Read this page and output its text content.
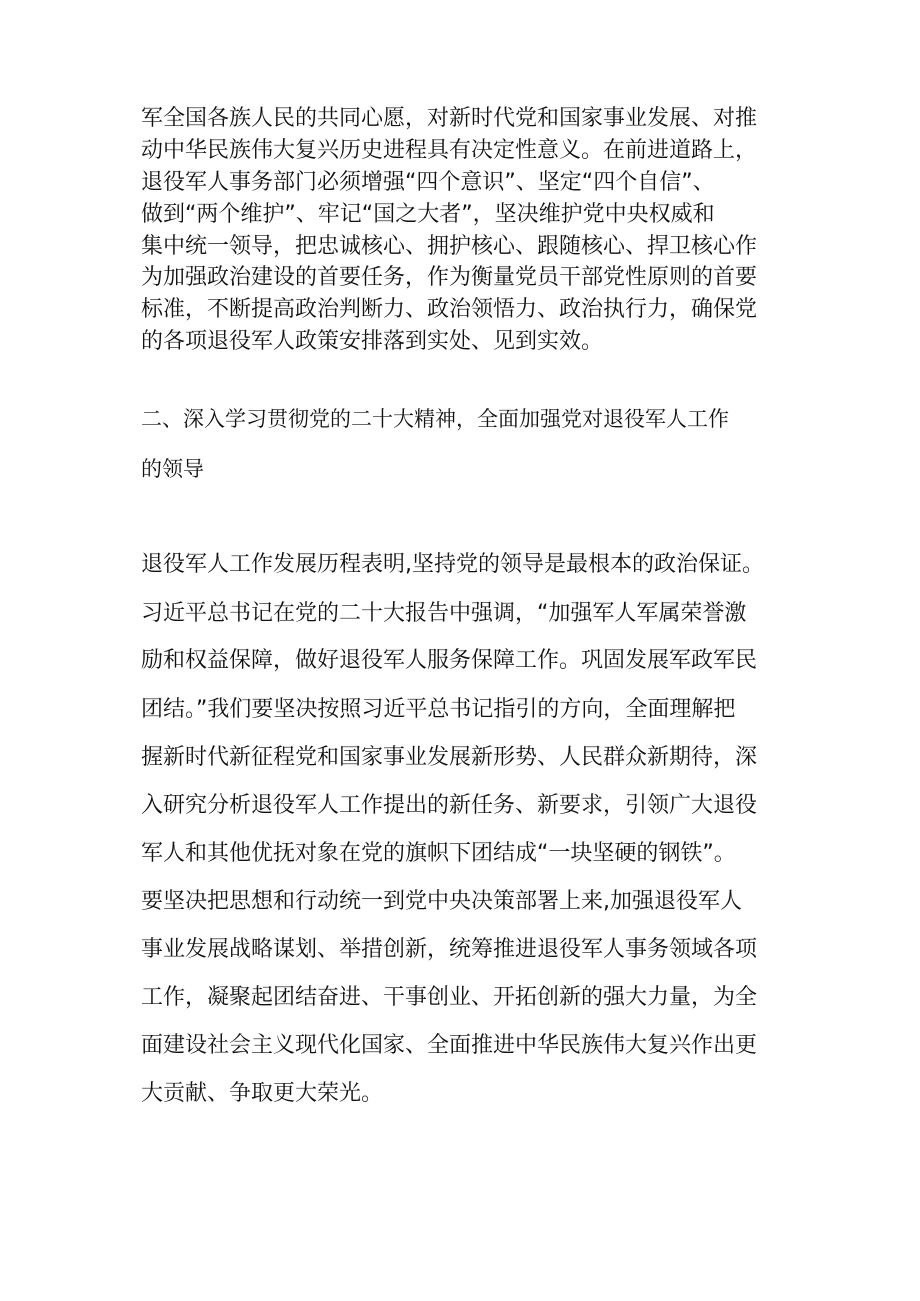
军全国各族人民的共同心愿，对新时代党和国家事业发展、对推
动中华民族伟大复兴历史进程具有决定性意义。在前进道路上，
退役军人事务部门必须增强“四个意识”、坚定“四个自信”、
做到“两个维护”、牢记“国之大者”，坚决维护党中央权威和
集中统一领导，把忠诚核心、拥护核心、跟随核心、捍卫核心作
为加强政治建设的首要任务，作为衡量党员干部党性原则的首要
标准，不断提高政治判断力、政治领悟力、政治执行力，确保党
的各项退役军人政策安排落到实处、见到实效。
二、深入学习贯彻党的二十大精神，全面加强党对退役军人工作
的领导
退役军人工作发展历程表明,坚持党的领导是最根本的政治保证。
习近平总书记在党的二十大报告中强调，“加强军人军属荣誉激
励和权益保障，做好退役军人服务保障工作。巩固发展军政军民
团结。”我们要坚决按照习近平总书记指引的方向，全面理解把
握新时代新征程党和国家事业发展新形势、人民群众新期待，深
入研究分析退役军人工作提出的新任务、新要求，引领广大退役
军人和其他优抚对象在党的旗帜下团结成“一块坚硬的钢铁”。
要坚决把思想和行动统一到党中央决策部署上来,加强退役军人
事业发展战略谋划、举措创新，统筹推进退役军人事务领域各项
工作，凝聚起团结奋进、干事创业、开拓创新的强大力量，为全
面建设社会主义现代化国家、全面推进中华民族伟大复兴作出更
大贡献、争取更大荣光。
